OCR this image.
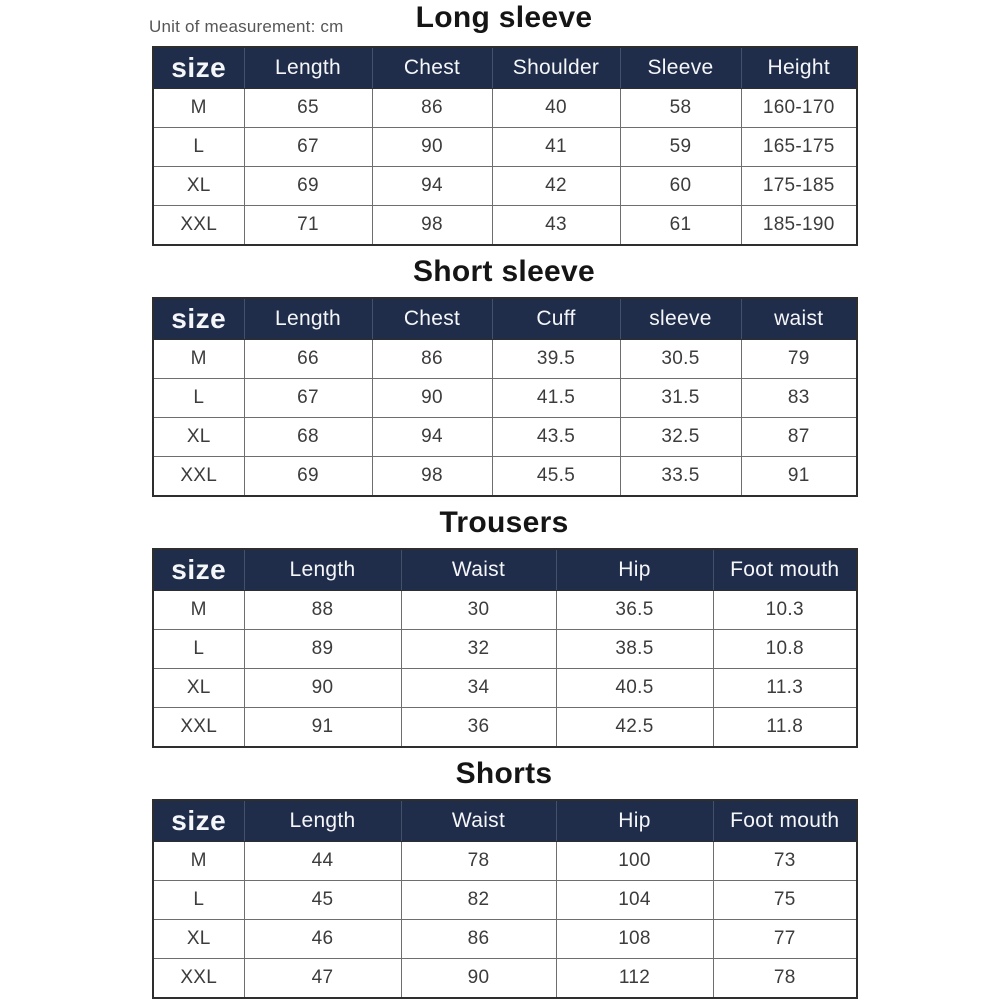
Long sleeve
Unit of measurement: cm
size	Length	Chest	Shoulder	Sleeve	Height
M	65	86	40	58	160-170
L	67	90	41	59	165-175
XL	69	94	42	60	175-185
XXL	71	98	43	61	185-190
Short sleeve
size	Length	Chest	Cuff	sleeve	waist
M	66	86	39.5	30.5	79
L	67	90	41.5	31.5	83
XL	68	94	43.5	32.5	87
XXL	69	98	45.5	33.5	91
Trousers
size	Length	Waist	Hip	Foot mouth
M	88	30	36.5	10.3
L	89	32	38.5	10.8
XL	90	34	40.5	11.3
XXL	91	36	42.5	11.8
Shorts
size	Length	Waist	Hip	Foot mouth
M	44	78	100	73
L	45	82	104	75
XL	46	86	108	77
XXL	47	90	112	78
